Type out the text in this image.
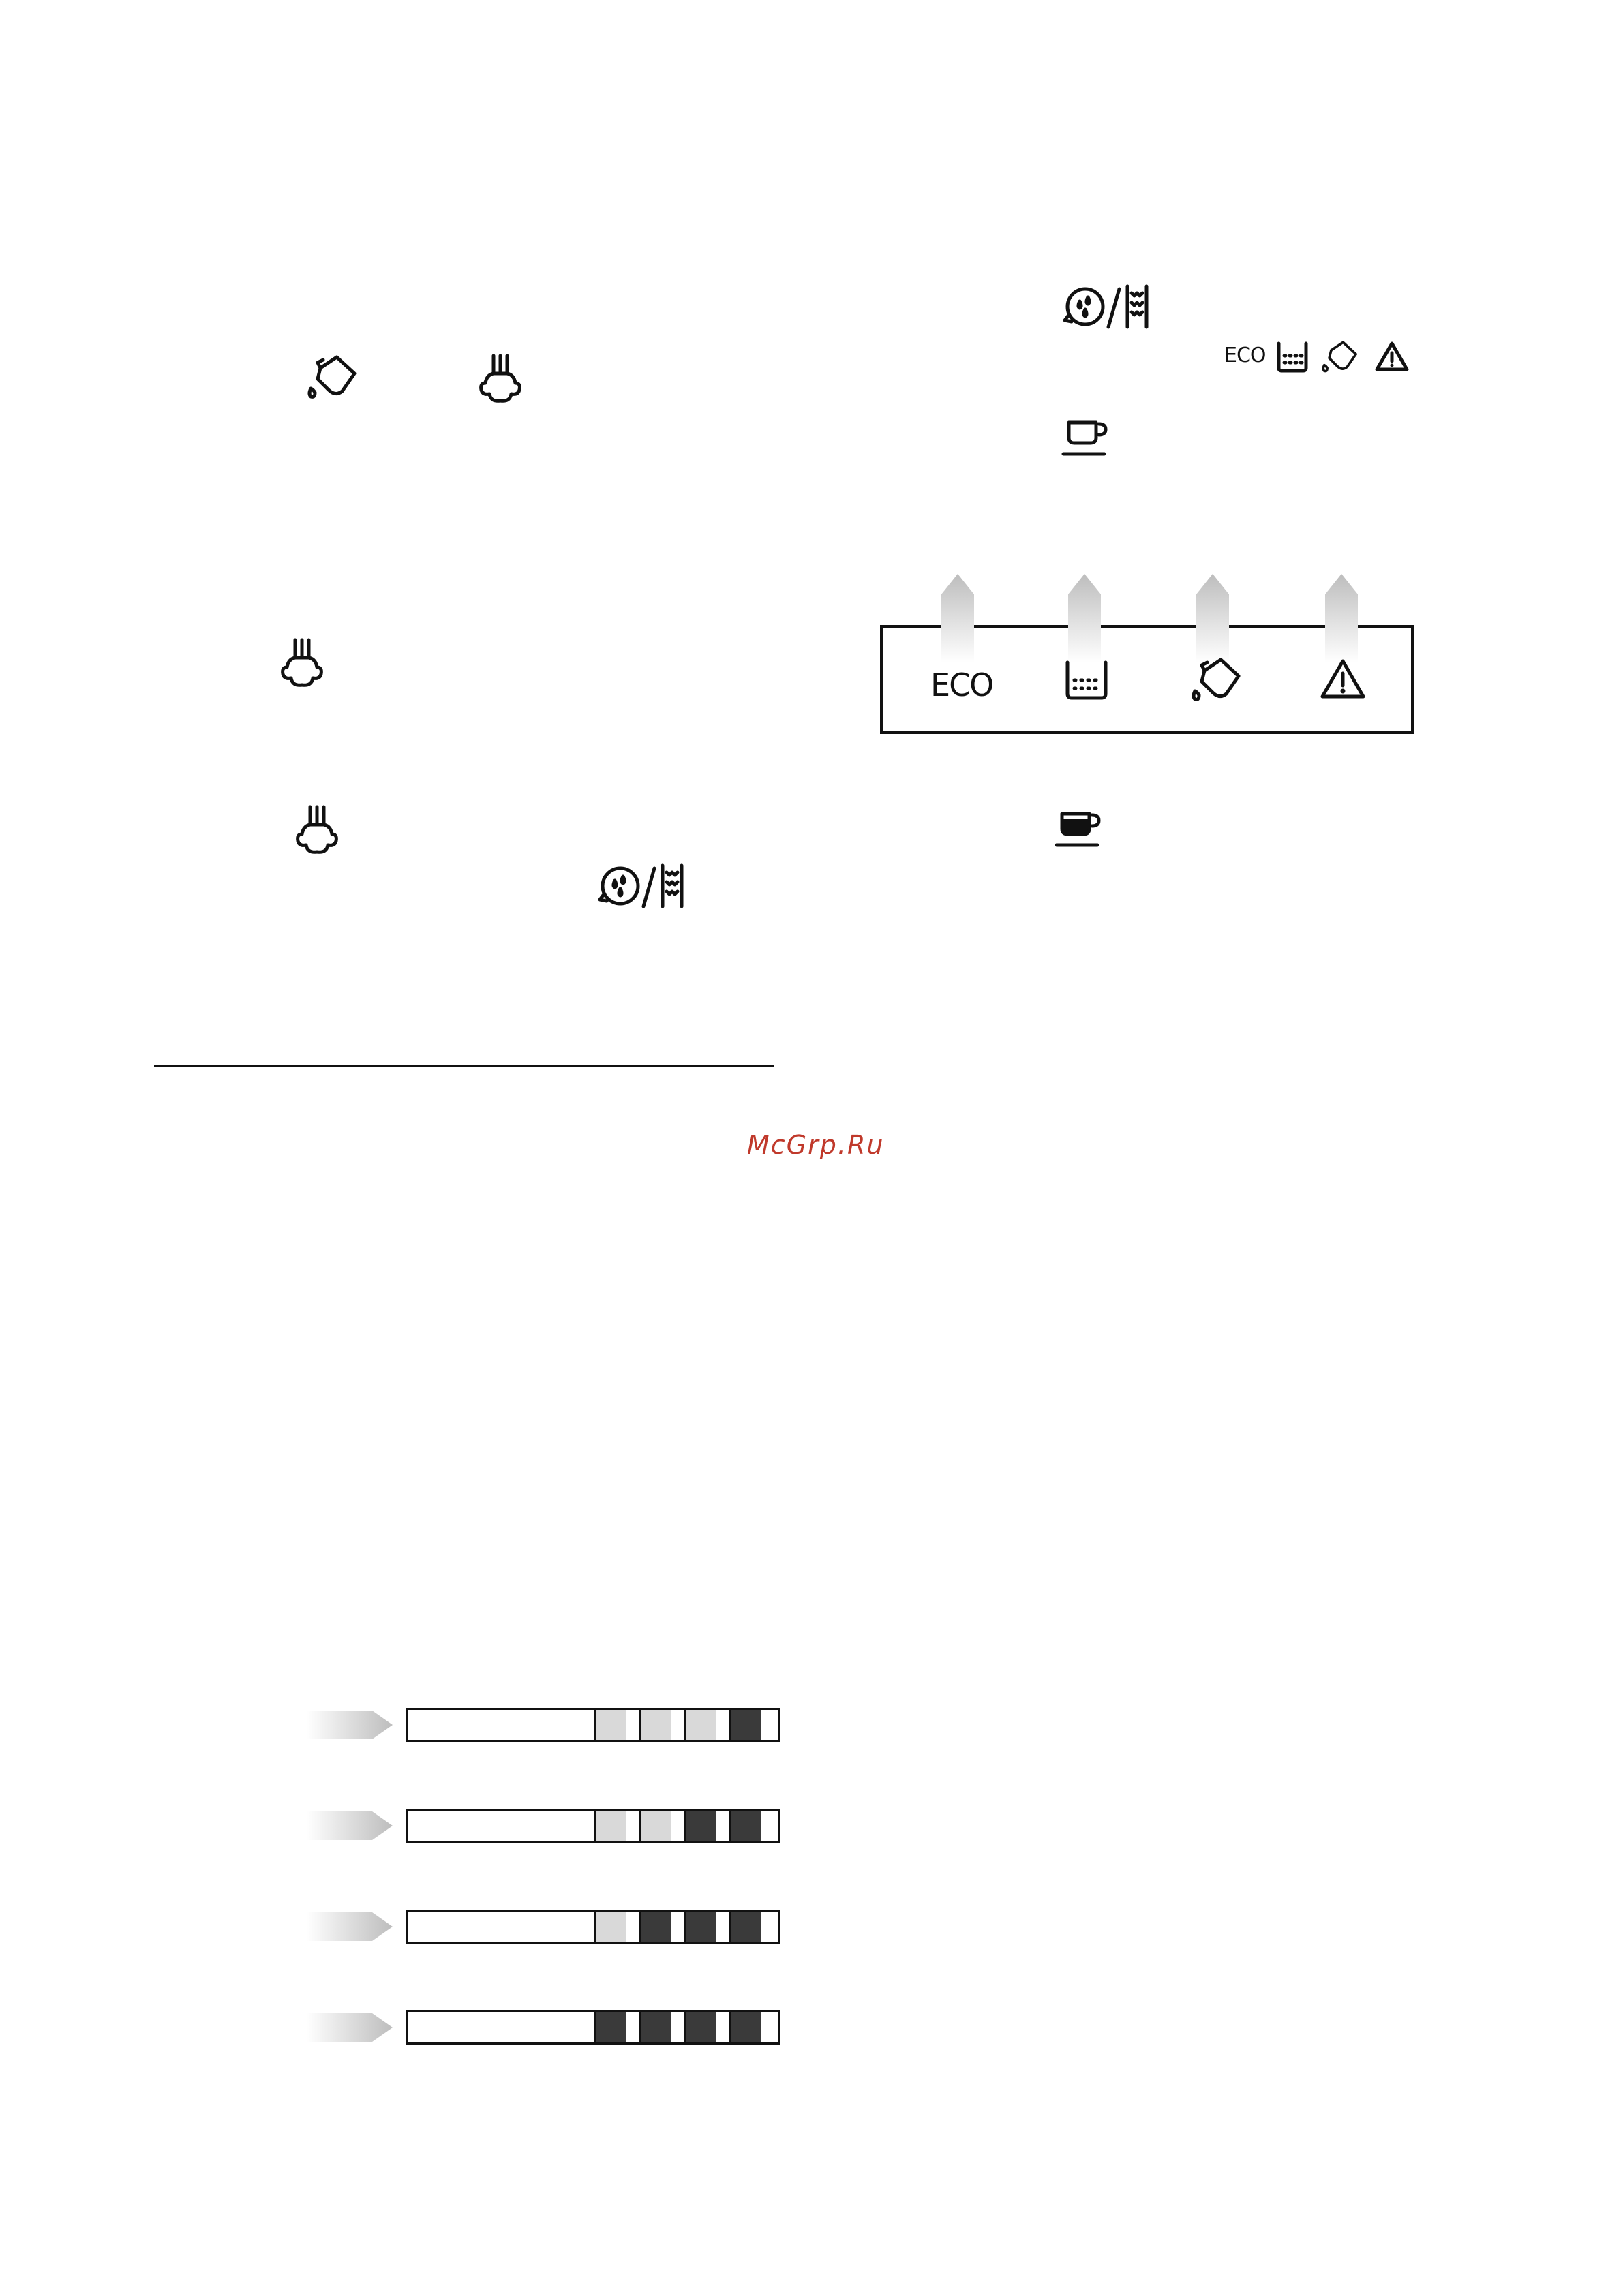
ECO
ECO
McGrp.Ru
